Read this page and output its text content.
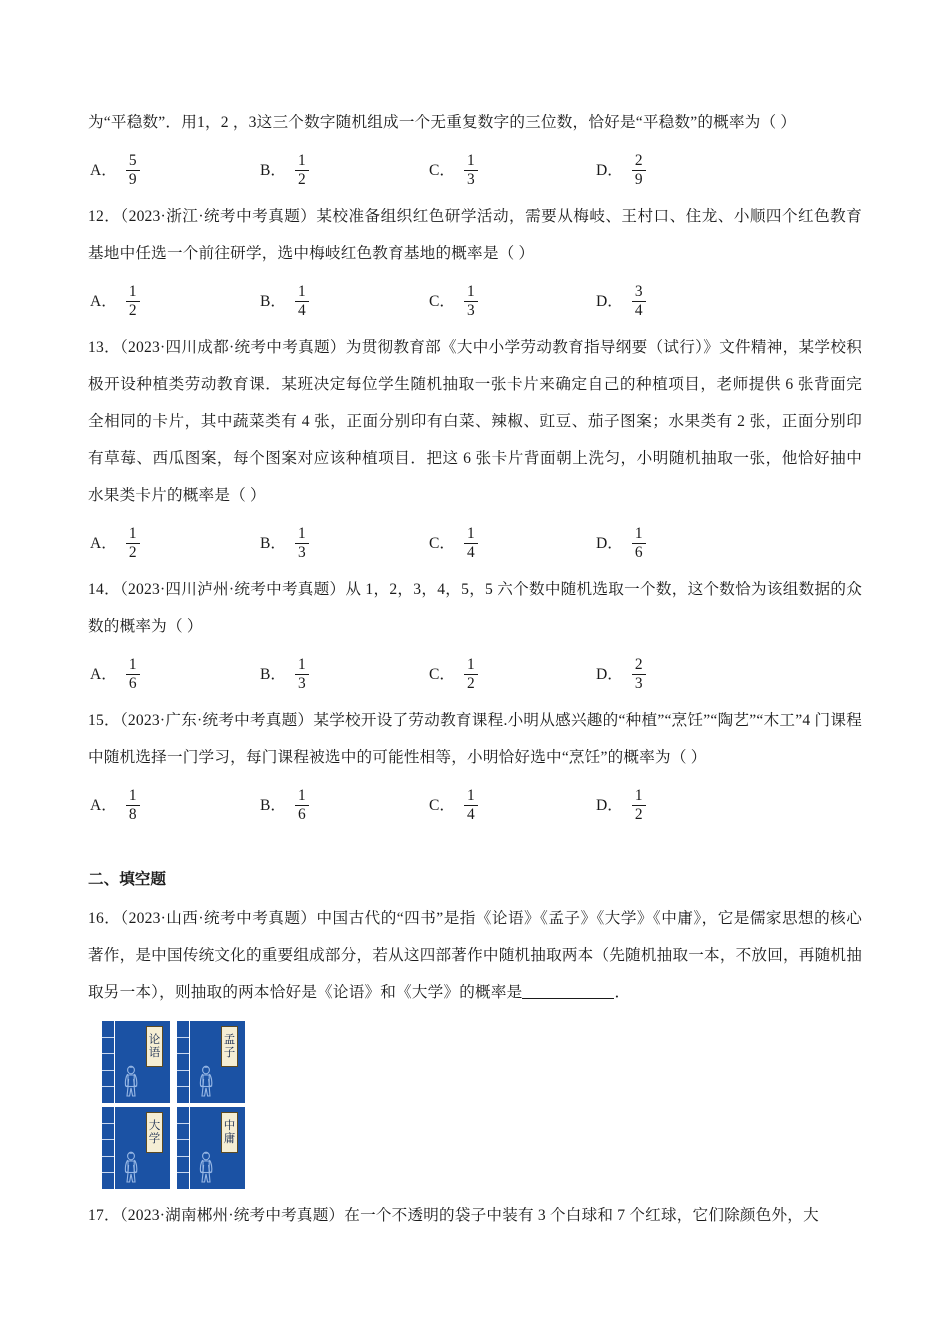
为“平稳数”．用1，2 ，3这三个数字随机组成一个无重复数字的三位数，恰好是“平稳数”的概率为（ ）
A． $\frac{5}{9}$	B． $\frac{1}{2}$	C． $\frac{1}{3}$	D． $\frac{2}{9}$
12．（2023·浙江·统考中考真题）某校准备组织红色研学活动，需要从梅岐、王村口、住龙、小顺四个红色教育基地中任选一个前往研学，选中梅岐红色教育基地的概率是（ ）
A． $\frac{1}{2}$	B． $\frac{1}{4}$	C． $\frac{1}{3}$	D． $\frac{3}{4}$
13．（2023·四川成都·统考中考真题）为贯彻教育部《大中小学劳动教育指导纲要（试行）》文件精神，某学校积极开设种植类劳动教育课．某班决定每位学生随机抽取一张卡片来确定自己的种植项目，老师提供 6 张背面完全相同的卡片，其中蔬菜类有 4 张，正面分别印有白菜、辣椒、豇豆、茄子图案；水果类有 2 张，正面分别印有草莓、西瓜图案，每个图案对应该种植项目．把这 6 张卡片背面朝上洗匀，小明随机抽取一张，他恰好抽中水果类卡片的概率是（ ）
A． $\frac{1}{2}$	B． $\frac{1}{3}$	C． $\frac{1}{4}$	D． $\frac{1}{6}$
14．（2023·四川泸州·统考中考真题）从 1，2，3，4，5，5 六个数中随机选取一个数，这个数恰为该组数据的众数的概率为（ ）
A． $\frac{1}{6}$	B． $\frac{1}{3}$	C． $\frac{1}{2}$	D． $\frac{2}{3}$
15．（2023·广东·统考中考真题）某学校开设了劳动教育课程.小明从感兴趣的“种植”“烹饪”“陶艺”“木工”4 门课程中随机选择一门学习，每门课程被选中的可能性相等，小明恰好选中“烹饪”的概率为（ ）
A． $\frac{1}{8}$	B． $\frac{1}{6}$	C． $\frac{1}{4}$	D． $\frac{1}{2}$
二、填空题
16．（2023·山西·统考中考真题）中国古代的“四书”是指《论语》《孟子》《大学》《中庸》，它是儒家思想的核心著作，是中国传统文化的重要组成部分，若从这四部著作中随机抽取两本（先随机抽取一本，不放回，再随机抽取另一本），则抽取的两本恰好是《论语》和《大学》的概率是	．
论
语
孟
子
大
学
中
庸
17．（2023·湖南郴州·统考中考真题）在一个不透明的袋子中装有 3 个白球和 7 个红球，它们除颜色外，大
